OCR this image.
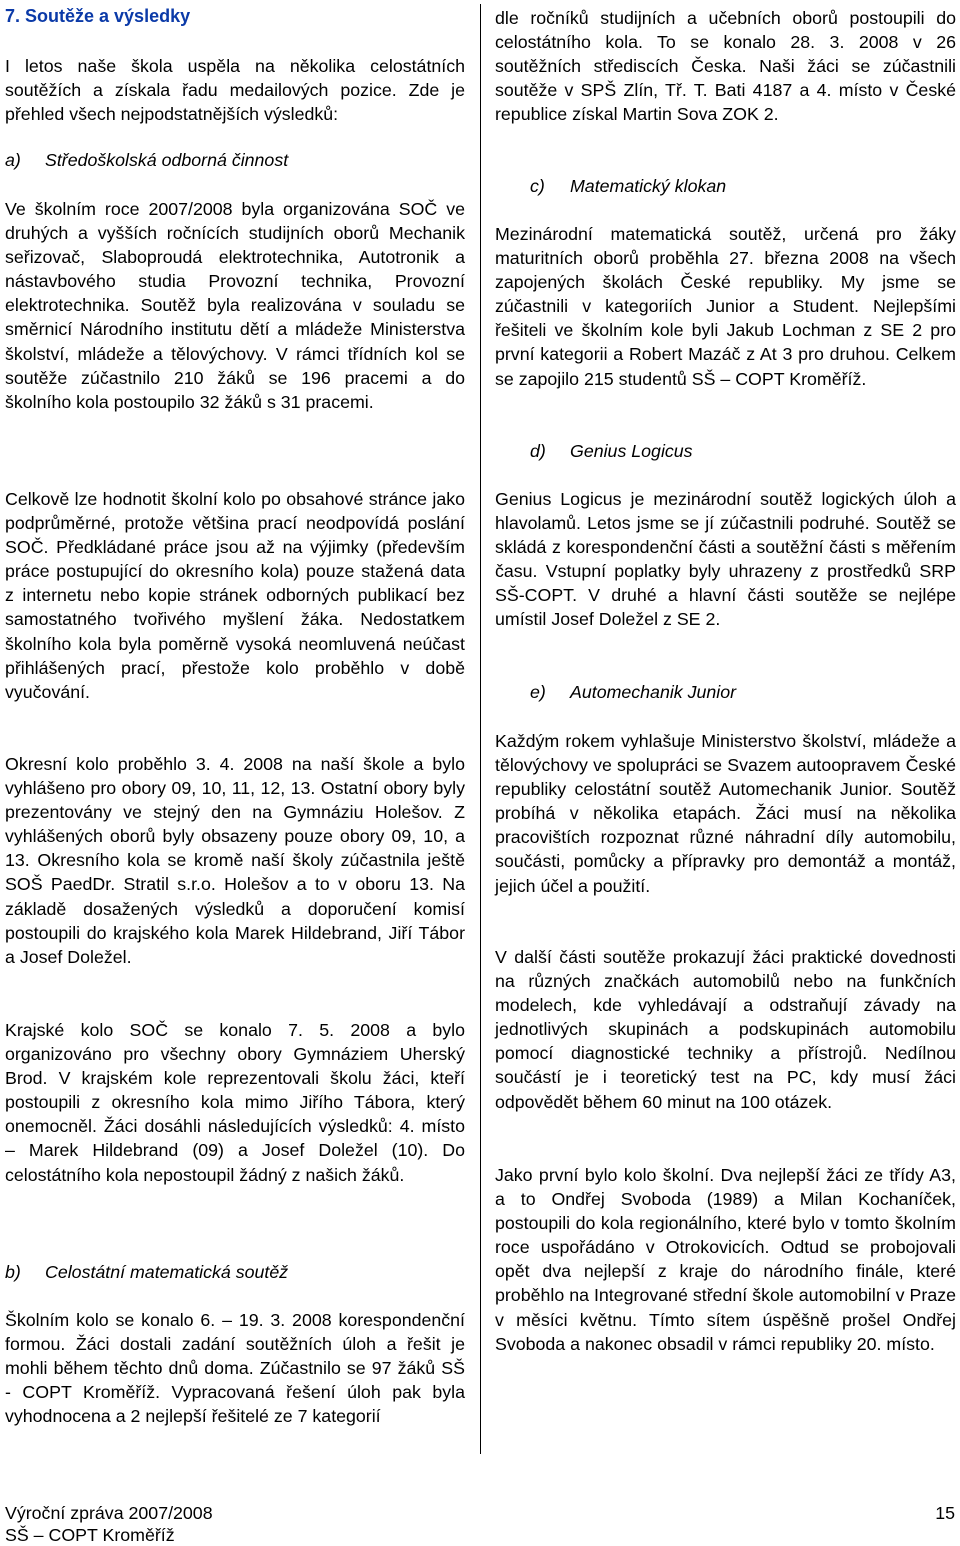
7. Soutěže a výsledky

I letos naše škola uspěla na několika celostátních soutěžích a získala řadu medailových pozice. Zde je přehled všech nejpodstatnějších výsledků:

a) Středoškolská odborná činnost

Ve školním roce 2007/2008 byla organizována SOČ ve druhých a vyšších ročnících studijních oborů Mechanik seřizovač, Slaboproudá elektrotechnika, Autotronik a nástavbového studia Provozní technika, Provozní elektrotechnika. Soutěž byla realizována v souladu se směrnicí Národního institutu dětí a mládeže Ministerstva školství, mládeže a tělovýchovy. V rámci třídních kol se soutěže zúčastnilo 210 žáků se 196 pracemi a do školního kola postoupilo 32 žáků s 31 pracemi.

Celkově lze hodnotit školní kolo po obsahové stránce jako podprůměrné, protože většina prací neodpovídá poslání SOČ. Předkládané práce jsou až na výjimky (především práce postupující do okresního kola) pouze stažená data z internetu nebo kopie stránek odborných publikací bez samostatného tvořivého myšlení žáka. Nedostatkem školního kola byla poměrně vysoká neomluvená neúčast přihlášených prací, přestože kolo proběhlo v době vyučování.

Okresní kolo proběhlo 3. 4. 2008 na naší škole a bylo vyhlášeno pro obory 09, 10, 11, 12, 13. Ostatní obory byly prezentovány ve stejný den na Gymnáziu Holešov. Z vyhlášených oborů byly obsazeny pouze obory 09, 10, a 13. Okresního kola se kromě naší školy zúčastnila ještě SOŠ PaedDr. Stratil s.r.o. Holešov a to v oboru 13. Na základě dosažených výsledků a doporučení komisí postoupili do krajského kola Marek Hildebrand, Jiří Tábor a Josef Doležel.

Krajské kolo SOČ se konalo 7. 5. 2008 a bylo organizováno pro všechny obory Gymnáziem Uherský Brod. V krajském kole reprezentovali školu žáci, kteří postoupili z okresního kola mimo Jiřího Tábora, který onemocněl. Žáci dosáhli následujících výsledků: 4. místo – Marek Hildebrand (09) a Josef Doležel (10). Do celostátního kola nepostoupil žádný z našich žáků.

b) Celostátní matematická soutěž

Školním kolo se konalo 6. – 19. 3. 2008 korespondenční formou. Žáci dostali zadání soutěžních úloh a řešit je mohli během těchto dnů doma. Zúčastnilo se 97 žáků SŠ - COPT Kroměříž. Vypracovaná řešení úloh pak byla vyhodnocena a 2 nejlepší řešitelé ze 7 kategorií

dle ročníků studijních a učebních oborů postoupili do celostátního kola. To se konalo 28. 3. 2008 v 26 soutěžních střediscích Česka. Naši žáci se zúčastnili soutěže v SPŠ Zlín, Tř. T. Bati 4187 a 4. místo v České republice získal Martin Sova ZOK 2.

c) Matematický klokan

Mezinárodní matematická soutěž, určená pro žáky maturitních oborů proběhla 27. března 2008 na všech zapojených školách České republiky. My jsme se zúčastnili v kategoriích Junior a Student. Nejlepšími řešiteli ve školním kole byli Jakub Lochman z SE 2 pro první kategorii a Robert Mazáč z At 3 pro druhou. Celkem se zapojilo 215 studentů SŠ – COPT Kroměříž.

d) Genius Logicus

Genius Logicus je mezinárodní soutěž logických úloh a hlavolamů. Letos jsme se jí zúčastnili podruhé. Soutěž se skládá z korespondenční části a soutěžní části s měřením času. Vstupní poplatky byly uhrazeny z prostředků SRP SŠ-COPT. V druhé a hlavní části soutěže se nejlépe umístil Josef Doležel z SE 2.

e) Automechanik Junior

Každým rokem vyhlašuje Ministerstvo školství, mládeže a tělovýchovy ve spolupráci se Svazem autoopravem České republiky celostátní soutěž Automechanik Junior. Soutěž probíhá v několika etapách. Žáci musí na několika pracovištích rozpoznat různé náhradní díly automobilu, součásti, pomůcky a přípravky pro demontáž a montáž, jejich účel a použití.

V další části soutěže prokazují žáci praktické dovednosti na různých značkách automobilů nebo na funkčních modelech, kde vyhledávají a odstraňují závady na jednotlivých skupinách a podskupinách automobilu pomocí diagnostické techniky a přístrojů. Nedílnou součástí je i teoretický test na PC, kdy musí žáci odpovědět během 60 minut na 100 otázek.

Jako první bylo kolo školní. Dva nejlepší žáci ze třídy A3, a to Ondřej Svoboda (1989) a Milan Kochaníček, postoupili do kola regionálního, které bylo v tomto školním roce uspořádáno v Otrokovicích. Odtud se probojovali opět dva nejlepší z kraje do národního finále, které proběhlo na Integrované střední škole automobilní v Praze v měsíci květnu. Tímto sítem úspěšně prošel Ondřej Svoboda a nakonec obsadil v rámci republiky 20. místo.

Výroční zpráva 2007/2008
SŠ – COPT Kroměříž
15
